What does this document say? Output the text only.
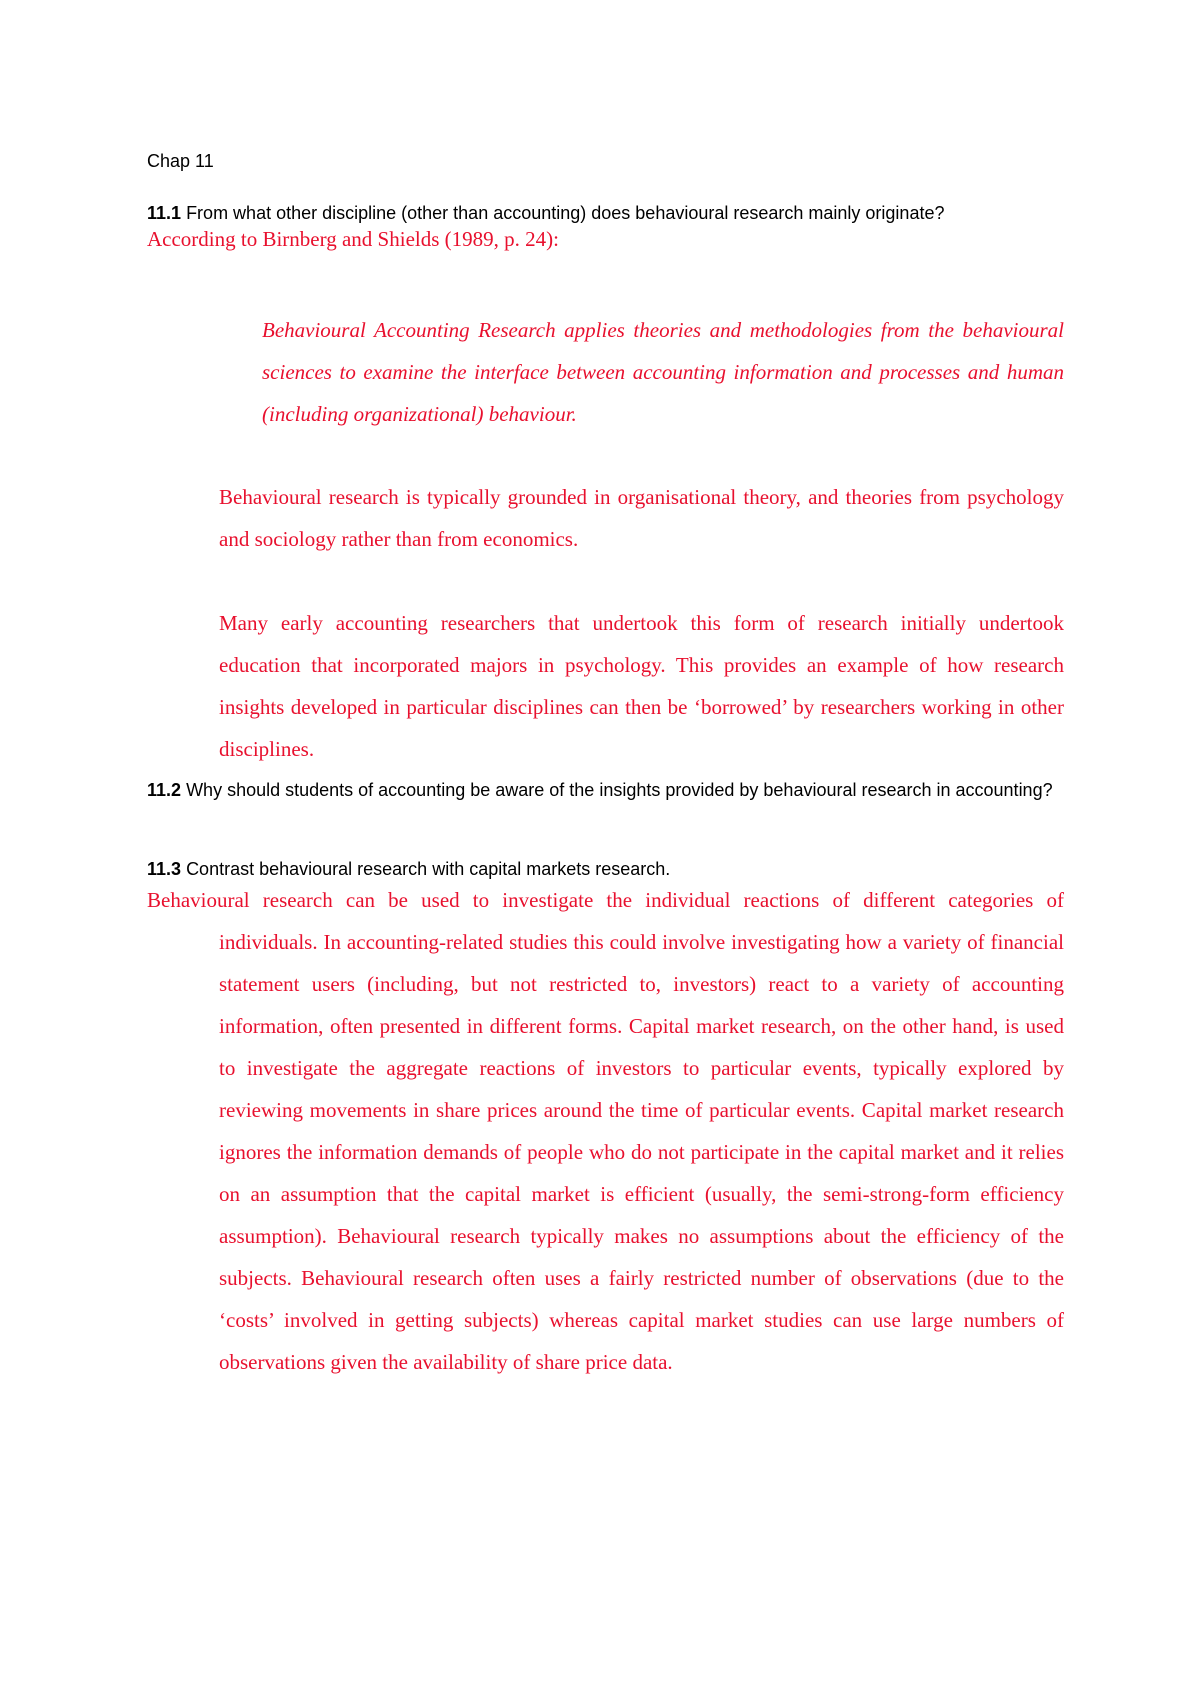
Chap 11
11.1 From what other discipline (other than accounting) does behavioural research mainly originate?
According to Birnberg and Shields (1989, p. 24):
Behavioural Accounting Research applies theories and methodologies from the behavioural sciences to examine the interface between accounting information and processes and human (including organizational) behaviour.
Behavioural research is typically grounded in organisational theory, and theories from psychology and sociology rather than from economics.
Many early accounting researchers that undertook this form of research initially undertook education that incorporated majors in psychology. This provides an example of how research insights developed in particular disciplines can then be ‘borrowed’ by researchers working in other disciplines.
11.2 Why should students of accounting be aware of the insights provided by behavioural research in accounting?
11.3 Contrast behavioural research with capital markets research.
Behavioural research can be used to investigate the individual reactions of different categories of individuals. In accounting-related studies this could involve investigating how a variety of financial statement users (including, but not restricted to, investors) react to a variety of accounting information, often presented in different forms. Capital market research, on the other hand, is used to investigate the aggregate reactions of investors to particular events, typically explored by reviewing movements in share prices around the time of particular events. Capital market research ignores the information demands of people who do not participate in the capital market and it relies on an assumption that the capital market is efficient (usually, the semi-strong-form efficiency assumption). Behavioural research typically makes no assumptions about the efficiency of the subjects. Behavioural research often uses a fairly restricted number of observations (due to the ‘costs’ involved in getting subjects) whereas capital market studies can use large numbers of observations given the availability of share price data.
